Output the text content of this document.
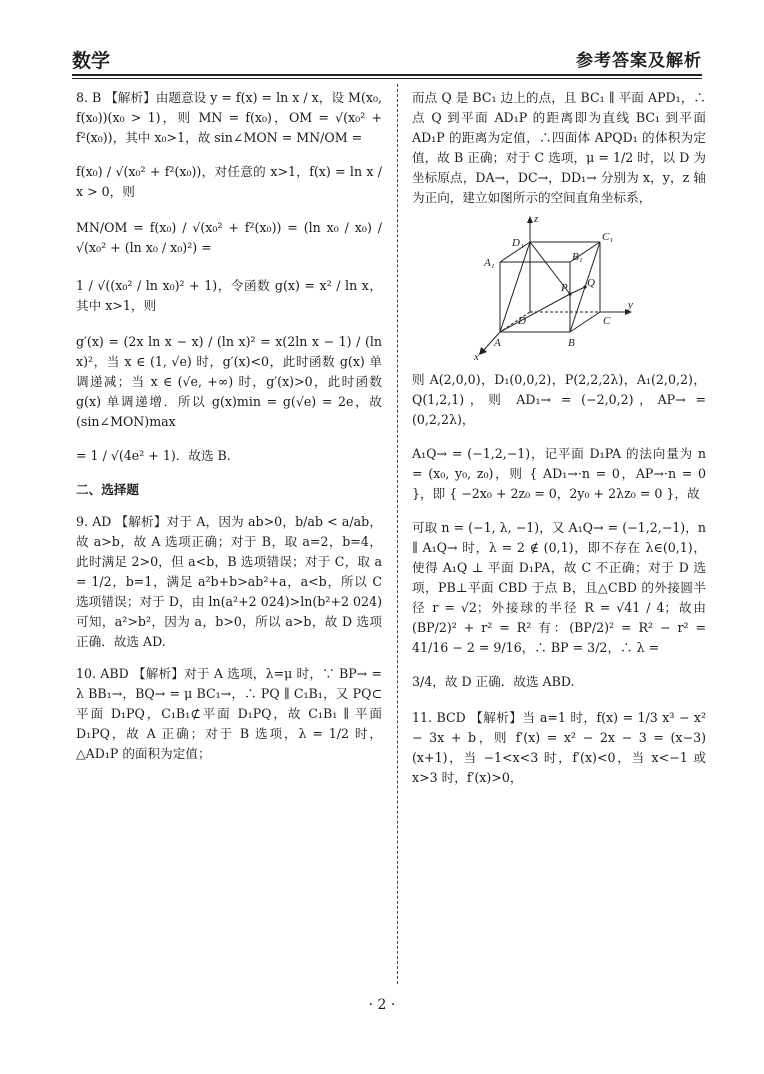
数学	参考答案及解析

8. B 【解析】由题意设 y = f(x) = ln x / x，设 M(x₀, f(x₀))(x₀ > 1)，则 MN = f(x₀)，OM = √(x₀² + f²(x₀))，其中 x₀>1，故 sin∠MON = MN/OM =

f(x₀) / √(x₀² + f²(x₀))，对任意的 x>1，f(x) = ln x / x > 0，则

MN/OM = f(x₀) / √(x₀² + f²(x₀)) = (ln x₀ / x₀) / √(x₀² + (ln x₀ / x₀)²) =

1 / √((x₀² / ln x₀)² + 1)，令函数 g(x) = x² / ln x，其中 x>1，则

g′(x) = (2x ln x − x) / (ln x)² = x(2ln x − 1) / (ln x)²，当 x ∈ (1, √e) 时，g′(x)<0，此时函数 g(x) 单调递减；当 x ∈ (√e, +∞) 时，g′(x)>0，此时函数 g(x) 单调递增．所以 g(x)min = g(√e) = 2e，故 (sin∠MON)max

= 1 / √(4e² + 1)．故选 B.

二、选择题

9. AD 【解析】对于 A，因为 ab>0，b/ab < a/ab，故 a>b，故 A 选项正确；对于 B，取 a=2，b=4，此时满足 2>0，但 a<b，B 选项错误；对于 C，取 a = 1/2，b=1，满足 a²b+b>ab²+a，a<b，所以 C 选项错误；对于 D，由 ln(a²+2 024)>ln(b²+2 024) 可知，a²>b²，因为 a，b>0，所以 a>b，故 D 选项正确．故选 AD.

10. ABD 【解析】对于 A 选项，λ=μ 时，∵ BP→ = λ BB₁→，BQ→ = μ BC₁→，∴ PQ ∥ C₁B₁，又 PQ⊂平面 D₁PQ，C₁B₁⊄平面 D₁PQ，故 C₁B₁ ∥ 平面 D₁PQ，故 A 正确；对于 B 选项，λ = 1/2 时，△AD₁P 的面积为定值；

而点 Q 是 BC₁ 边上的点，且 BC₁ ∥ 平面 APD₁，∴点 Q 到平面 AD₁P 的距离即为直线 BC₁ 到平面 AD₁P 的距离为定值，∴四面体 APQD₁ 的体积为定值，故 B 正确；对于 C 选项，μ = 1/2 时，以 D 为坐标原点，DA→，DC→，DD₁→ 分别为 x，y，z 轴为正向，建立如图所示的空间直角坐标系，

z
y
x
D₁	C₁
B₁
A₁
D	C
B
A
P Q

则 A(2,0,0)，D₁(0,0,2)，P(2,2,2λ)，A₁(2,0,2)，Q(1,2,1)，则 AD₁→ = (−2,0,2)，AP→ = (0,2,2λ)，

A₁Q→ = (−1,2,−1)，记平面 D₁PA 的法向量为 n = (x₀, y₀, z₀)，则 { AD₁→·n = 0，AP→·n = 0 }，即 { −2x₀ + 2z₀ = 0，2y₀ + 2λz₀ = 0 }，故

可取 n = (−1, λ, −1)，又 A₁Q→ = (−1,2,−1)，n ∥ A₁Q→ 时，λ = 2 ∉ (0,1)，即不存在 λ∈(0,1)，使得 A₁Q ⊥ 平面 D₁PA，故 C 不正确；对于 D 选项，PB⊥平面 CBD 于点 B，且△CBD 的外接圆半径 r = √2；外接球的半径 R = √41 / 4；故由 (BP/2)² + r² = R² 有：(BP/2)² = R² − r² = 41/16 − 2 = 9/16，∴ BP = 3/2，∴ λ =

3/4，故 D 正确．故选 ABD.

11. BCD 【解析】当 a=1 时，f(x) = 1/3 x³ − x² − 3x + b，则 f′(x) = x² − 2x − 3 = (x−3)(x+1)，当 −1<x<3 时，f′(x)<0，当 x<−1 或 x>3 时，f′(x)>0，

· 2 ·
